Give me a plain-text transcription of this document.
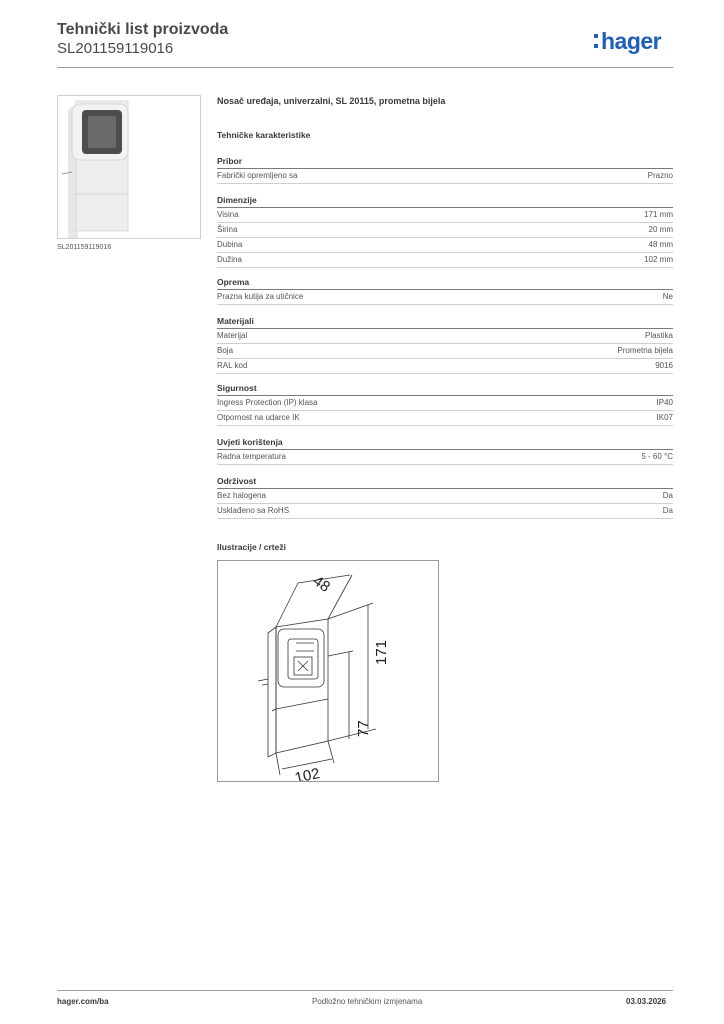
Tehnički list proizvoda
SL201159119016	hager
SL201159119016
Nosač uređaja, univerzalni, SL 20115, prometna bijela
Tehničke karakteristike
Pribor
Fabrički opremljeno sa	Prazno
Dimenzije
Visina	171 mm
Širina	20 mm
Dubina	48 mm
Dužina	102 mm
Oprema
Prazna kutija za utičnice	Ne
Materijali
Materijal	Plastika
Boja	Prometna bijela
RAL kod	9016
Sigurnost
Ingress Protection (IP) klasa	IP40
Otpornost na udarce IK	IK07
Uvjeti korištenja
Radna temperatura	5 - 60 °C
Održivost
Bez halogena	Da
Usklađeno sa RoHS	Da
Ilustracije / crteži
48
171
77
102
hager.com/ba	Podložno tehničkim izmjenama	03.03.2026
